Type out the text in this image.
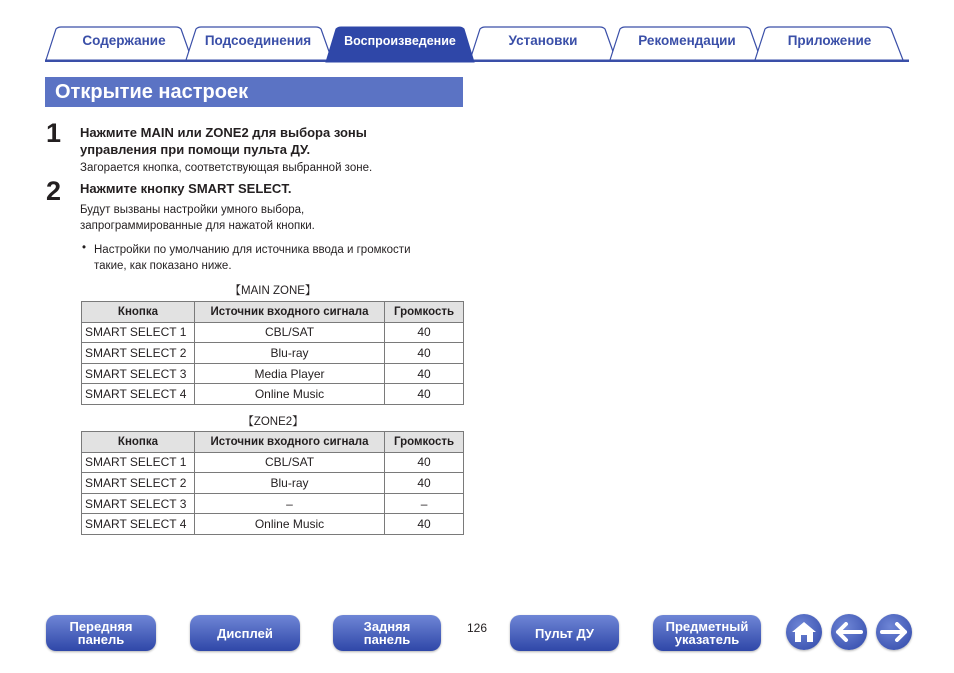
Содержание	Подсоединения	Воспроизведение	Установки	Рекомендации	Приложение
Открытие настроек
1 Нажмите MAIN или ZONE2 для выбора зоны
управления при помощи пульта ДУ.
Загорается кнопка, соответствующая выбранной зоне.
2 Нажмите кнопку SMART SELECT.
Будут вызваны настройки умного выбора,
запрограммированные для нажатой кнопки.
• Настройки по умолчанию для источника ввода и громкости
такие, как показано ниже.
【MAIN ZONE】
Кнопка	Источник входного сигнала	Громкость
SMART SELECT 1	CBL/SAT	40
SMART SELECT 2	Blu-ray	40
SMART SELECT 3	Media Player	40
SMART SELECT 4	Online Music	40
【ZONE2】
Кнопка	Источник входного сигнала	Громкость
SMART SELECT 1	CBL/SAT	40
SMART SELECT 2	Blu-ray	40
SMART SELECT 3	–	–
SMART SELECT 4	Online Music	40
Передняя
панель	Дисплей	Задняя
панель
126	Пульт ДУ	Предметный
указатель
